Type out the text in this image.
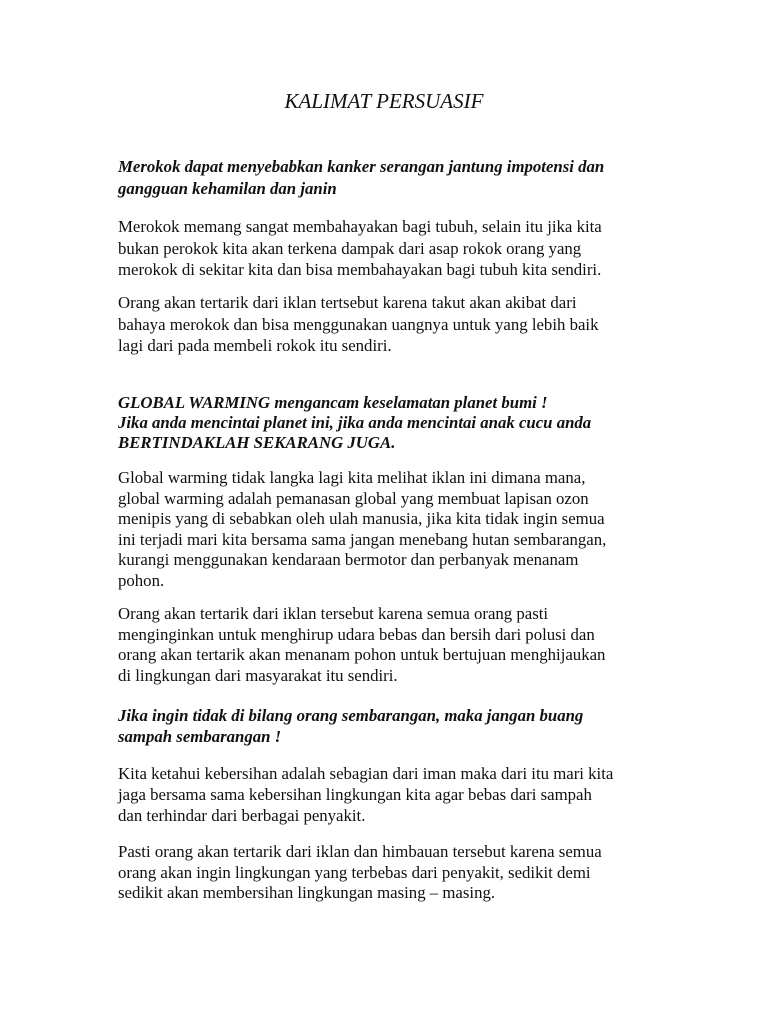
KALIMAT PERSUASIF
Merokok dapat menyebabkan kanker serangan jantung impotensi dan
gangguan kehamilan dan janin
Merokok memang sangat membahayakan bagi tubuh, selain itu jika kita
bukan perokok kita akan terkena dampak dari asap rokok orang yang
merokok di sekitar kita dan bisa membahayakan bagi tubuh kita sendiri.
Orang akan tertarik dari iklan tertsebut karena takut akan akibat dari
bahaya merokok dan bisa menggunakan uangnya untuk yang lebih baik
lagi dari pada membeli rokok itu sendiri.
GLOBAL WARMING mengancam keselamatan planet bumi !
Jika anda mencintai planet ini, jika anda mencintai anak cucu anda
BERTINDAKLAH SEKARANG JUGA.
Global warming tidak langka lagi kita melihat iklan ini dimana mana,
global warming adalah pemanasan global yang membuat lapisan ozon
menipis yang di sebabkan oleh ulah manusia, jika kita tidak ingin semua
ini terjadi mari kita bersama sama jangan menebang hutan sembarangan,
kurangi menggunakan kendaraan bermotor dan perbanyak menanam
pohon.
Orang akan tertarik dari iklan tersebut karena semua orang pasti
menginginkan untuk menghirup udara bebas dan bersih dari polusi dan
orang akan tertarik akan menanam pohon untuk bertujuan menghijaukan
di lingkungan dari masyarakat itu sendiri.
Jika ingin tidak di bilang orang sembarangan, maka jangan buang
sampah sembarangan !
Kita ketahui kebersihan adalah sebagian dari iman maka dari itu mari kita
jaga bersama sama kebersihan lingkungan kita agar bebas dari sampah
dan terhindar dari berbagai penyakit.
Pasti orang akan tertarik dari iklan dan himbauan tersebut karena semua
orang akan ingin lingkungan yang terbebas dari penyakit, sedikit demi
sedikit akan membersihan lingkungan masing – masing.
